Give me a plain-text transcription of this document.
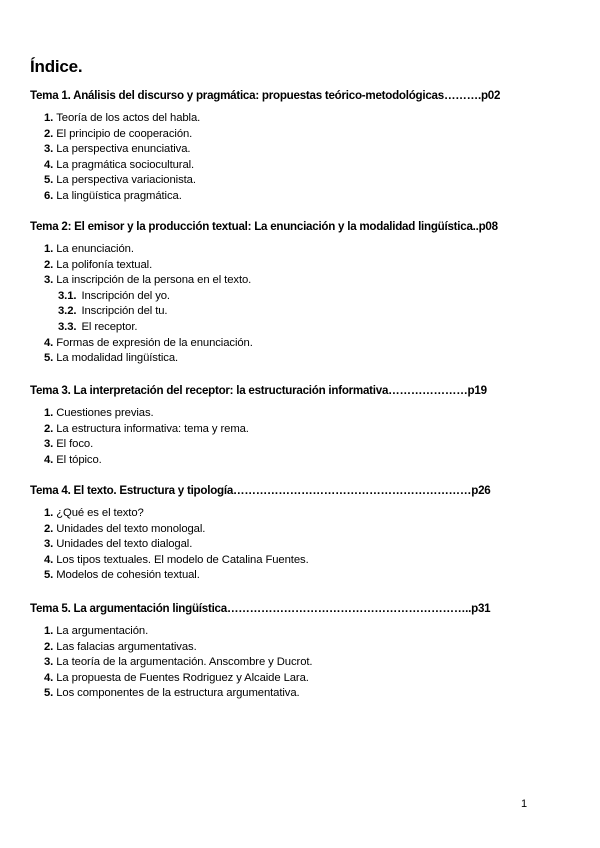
Índice.
Tema 1. Análisis del discurso y pragmática: propuestas teórico-metodológicas……….p02
1. Teoría de los actos del habla.
2. El principio de cooperación.
3. La perspectiva enunciativa.
4. La pragmática sociocultural.
5. La perspectiva variacionista.
6. La lingüística pragmática.
Tema 2: El emisor y la producción textual: La enunciación y la modalidad lingüística..p08
1. La enunciación.
2. La polifonía textual.
3. La inscripción de la persona en el texto.
3.1. Inscripción del yo.
3.2. Inscripción del tu.
3.3. El receptor.
4. Formas de expresión de la enunciación.
5. La modalidad lingüística.
Tema 3. La interpretación del receptor: la estructuración informativa…………………p19
1. Cuestiones previas.
2. La estructura informativa: tema y rema.
3. El foco.
4. El tópico.
Tema 4. El texto. Estructura y tipología………………………………………………………p26
1. ¿Qué es el texto?
2. Unidades del texto monologal.
3. Unidades del texto dialogal.
4. Los tipos textuales. El modelo de Catalina Fuentes.
5. Modelos de cohesión textual.
Tema 5. La argumentación lingüística………………………………………………………..p31
1. La argumentación.
2. Las falacias argumentativas.
3. La teoría de la argumentación. Anscombre y Ducrot.
4. La propuesta de Fuentes Rodriguez y Alcaide Lara.
5. Los componentes de la estructura argumentativa.
1
